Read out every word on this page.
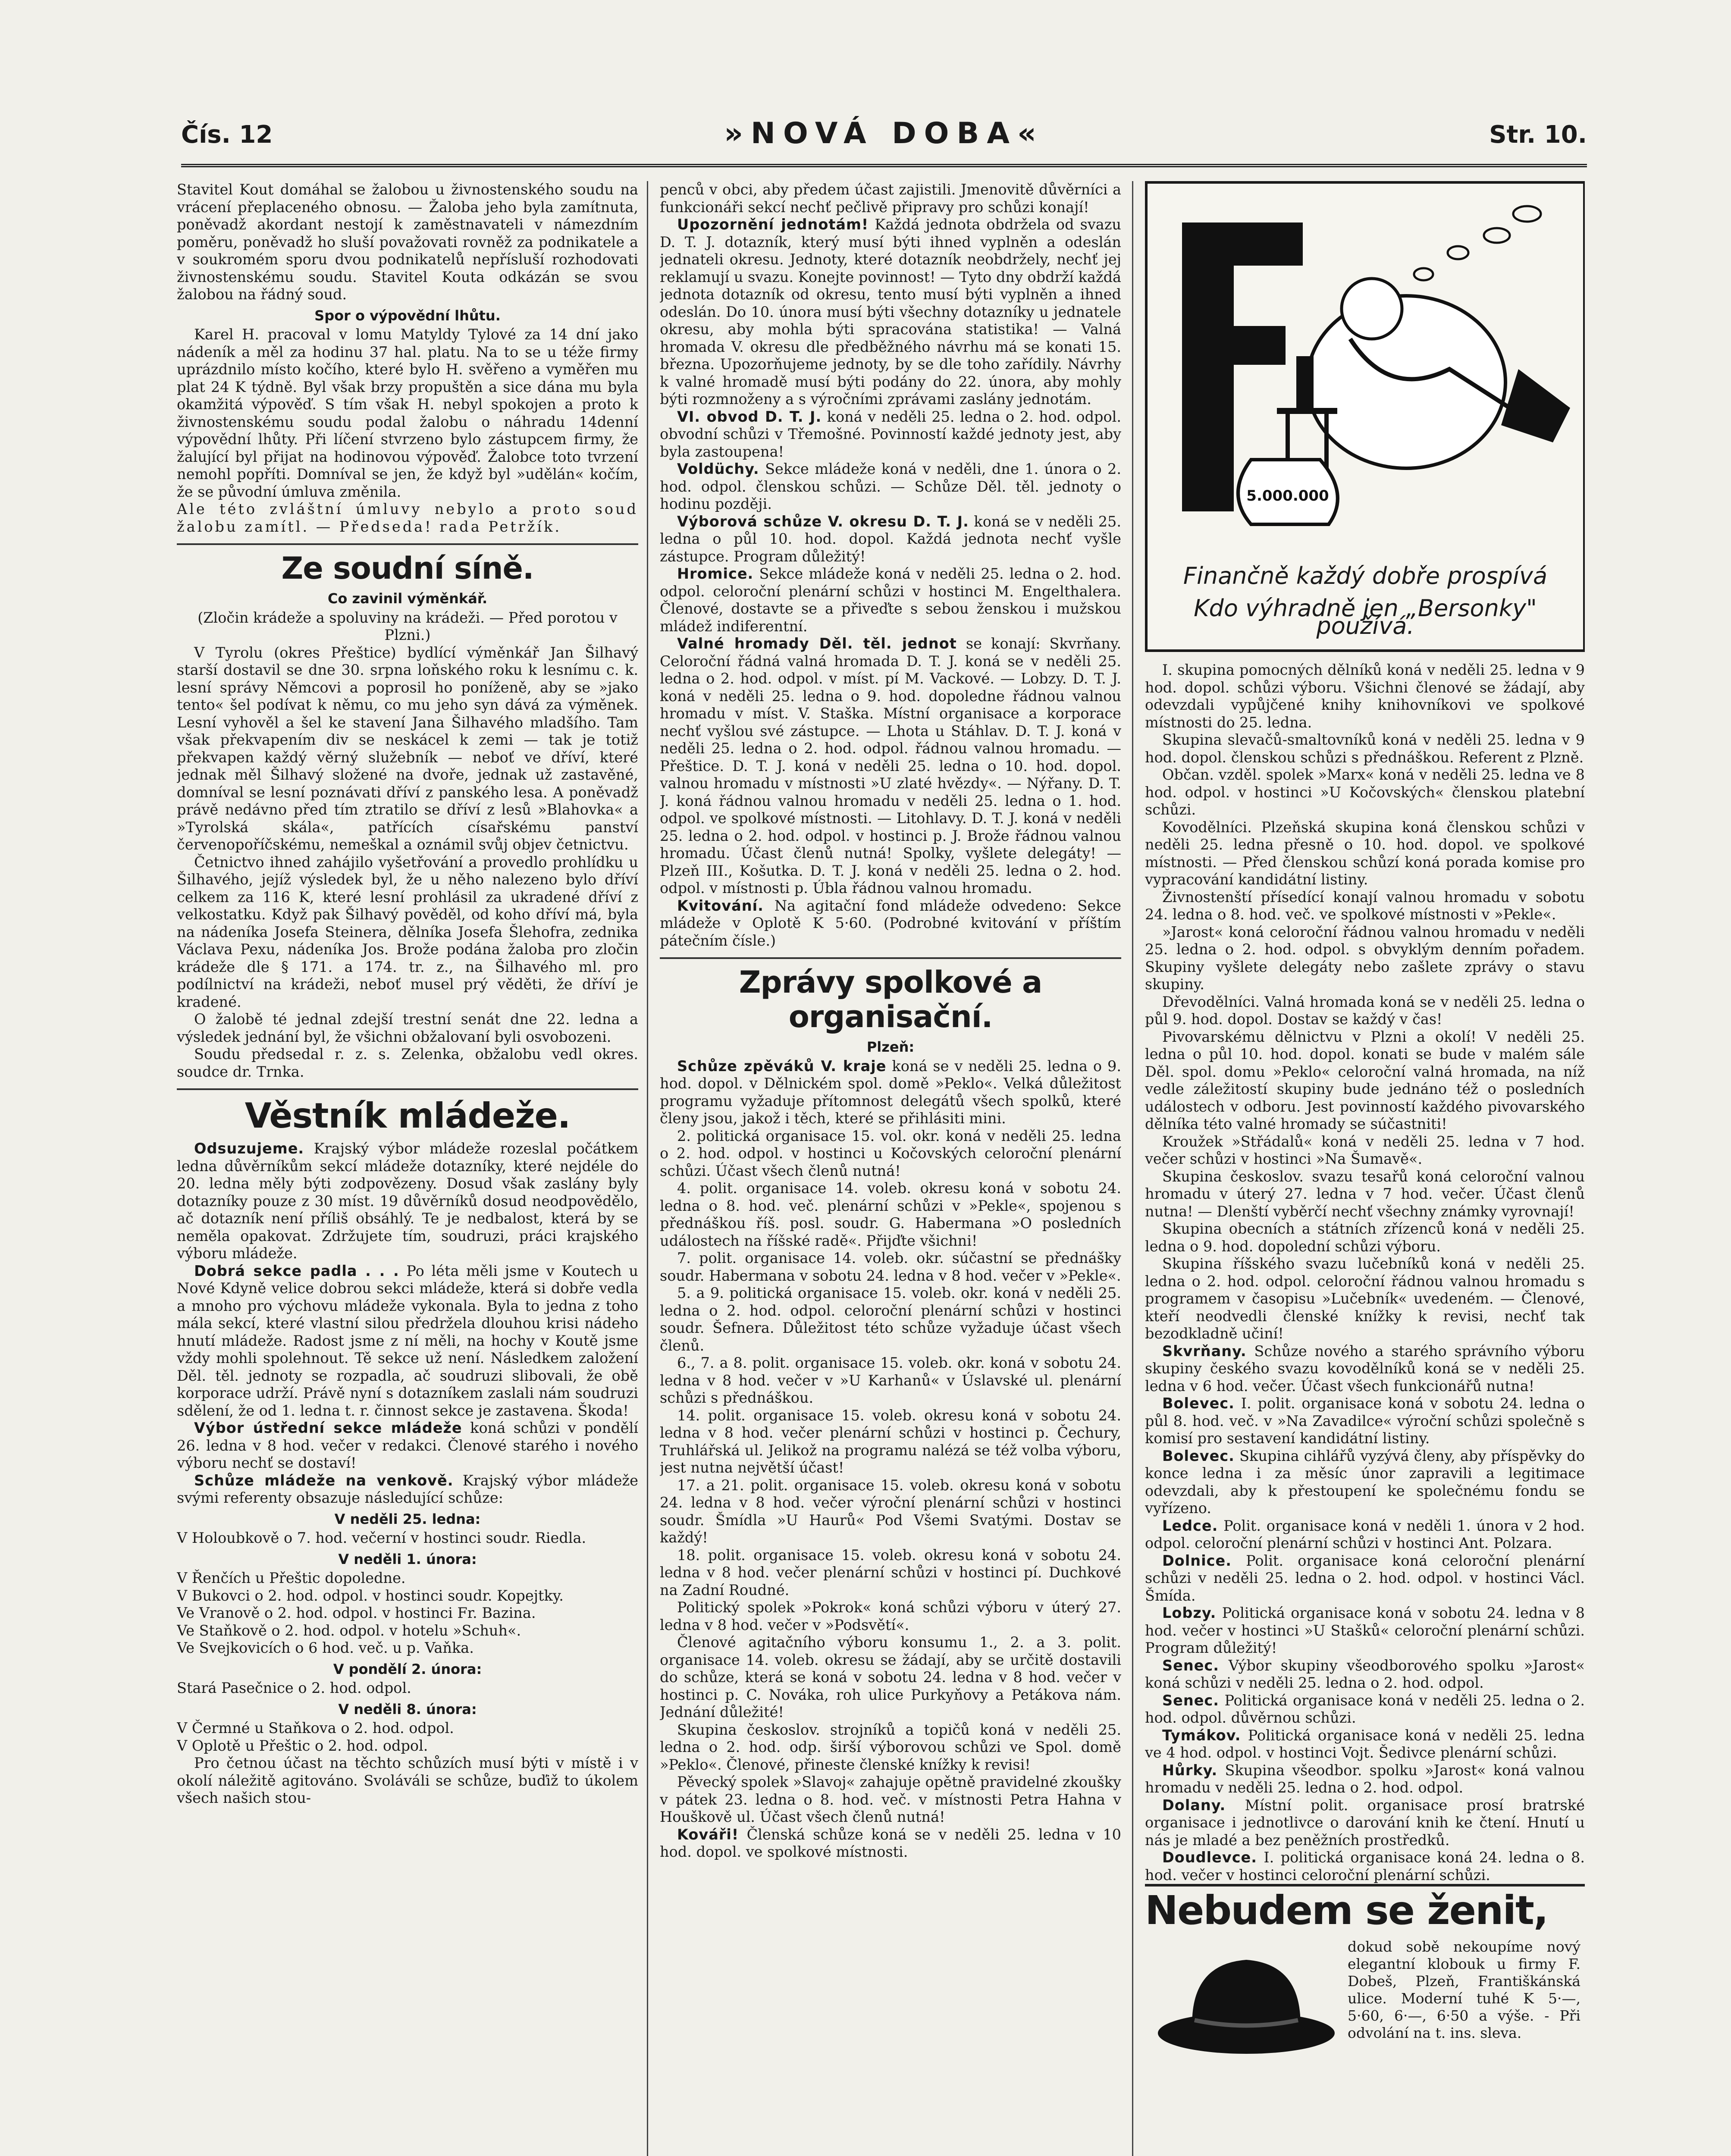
Čís. 12	»NOVÁ DOBA«	Str. 10.

Stavitel Kout domáhal se žalobou u živnostenského soudu na vrácení přeplaceného obnosu. — Žaloba jeho byla zamítnuta, poněvadž akordant nestojí k zaměstnavateli v námezdním poměru, poněvadž ho sluší považovati rovněž za podnikatele a v soukromém sporu dvou podnikatelů nepřísluší rozhodovati živnostenskému soudu. Stavitel Kouta odkázán se svou žalobou na řádný soud.

Spor o výpovědní lhůtu.

Karel H. pracoval v lomu Matyldy Tylové za 14 dní jako nádeník a měl za hodinu 37 hal. platu. Na to se u téže firmy uprázdnilo místo kočího, které bylo H. svěřeno a vyměřen mu plat 24 K týdně. Byl však brzy propuštěn a sice dána mu byla okamžitá výpověď. S tím však H. nebyl spokojen a proto k živnostenskému soudu podal žalobu o náhradu 14denní výpovědní lhůty. Při líčení stvrzeno bylo zástupcem firmy, že žalující byl přijat na hodinovou výpověď. Žalobce toto tvrzení nemohl popříti. Domníval se jen, že když byl »udělán« kočím, že se původní úmluva změnila.

Ale této zvláštní úmluvy nebylo a proto soud žalobu zamítl. — Předseda! rada Petržík.

Ze soudní síně.
Co zavinil výměnkář.

(Zločin krádeže a spoluviny na krádeži. — Před porotou v Plzni.)

V Tyrolu (okres Přeštice) bydlící výměnkář Jan Šilhavý starší dostavil se dne 30. srpna loňského roku k lesnímu c. k. lesní správy Němcovi a poprosil ho poníženě, aby se »jako tento« šel podívat k němu, co mu jeho syn dává za výměnek. Lesní vyhověl a šel ke stavení Jana Šilhavého mladšího. Tam však překvapením div se neskácel k zemi — tak je totiž překvapen každý věrný služebník — neboť ve dříví, které jednak měl Šilhavý složené na dvoře, jednak už zastavěné, domníval se lesní poznávati dříví z panského lesa. A poněvadž právě nedávno před tím ztratilo se dříví z lesů »Blahovka« a »Tyrolská skála«, patřících císařskému panství červenopoříčskému, nemeškal a oznámil svůj objev četnictvu.

Četnictvo ihned zahájilo vyšetřování a provedlo prohlídku u Šilhavého, jejíž výsledek byl, že u něho nalezeno bylo dříví celkem za 116 K, které lesní prohlásil za ukradené dříví z velkostatku. Když pak Šilhavý pověděl, od koho dříví má, byla na nádeníka Josefa Steinera, dělníka Josefa Šlehofra, zednika Václava Pexu, nádeníka Jos. Brože podána žaloba pro zločin krádeže dle § 171. a 174. tr. z., na Šilhavého ml. pro podílnictví na krádeži, neboť musel prý věděti, že dříví je kradené.

O žalobě té jednal zdejší trestní senát dne 22. ledna a výsledek jednání byl, že všichni obžalovaní byli osvobozeni.

Soudu předsedal r. z. s. Zelenka, obžalobu vedl okres. soudce dr. Trnka.

Věstník mládeže.

Odsuzujeme. Krajský výbor mládeže rozeslal počátkem ledna důvěrníkům sekcí mládeže dotazníky, které nejdéle do 20. ledna měly býti zodpovězeny. Dosud však zaslány byly dotazníky pouze z 30 míst. 19 důvěrníků dosud neodpovědělo, ač dotazník není příliš obsáhlý. Te je nedbalost, která by se neměla opakovat. Zdržujete tím, soudruzi, práci krajského výboru mládeže.

Dobrá sekce padla . . . Po léta měli jsme v Koutech u Nové Kdyně velice dobrou sekci mládeže, která si dobře vedla a mnoho pro výchovu mládeže vykonala. Byla to jedna z toho mála sekcí, které vlastní silou předržela dlouhou krisi nádeho hnutí mládeže. Radost jsme z ní měli, na hochy v Koutě jsme vždy mohli spolehnout. Tě sekce už není. Následkem založení Děl. těl. jednoty se rozpadla, ač soudruzi slibovali, že obě korporace udrží. Právě nyní s dotazníkem zaslali nám soudruzi sdělení, že od 1. ledna t. r. činnost sekce je zastavena. Škoda!

Výbor ústřední sekce mládeže koná schůzi v pondělí 26. ledna v 8 hod. večer v redakci. Členové starého i nového výboru nechť se dostaví!

Schůze mládeže na venkově. Krajský výbor mládeže svými referenty obsazuje následující schůze:

V neděli 25. ledna:

V Holoubkově o 7. hod. večerní v hostinci soudr. Riedla.

V neděli 1. února:

V Řenčích u Přeštic dopoledne.

V Bukovci o 2. hod. odpol. v hostinci soudr. Kopejtky.

Ve Vranově o 2. hod. odpol. v hostinci Fr. Bazina.

Ve Staňkově o 2. hod. odpol. v hotelu »Schuh«.

Ve Svejkovicích o 6 hod. več. u p. Vaňka.

V pondělí 2. února:

Stará Pasečnice o 2. hod. odpol.

V neděli 8. února:

V Čermné u Staňkova o 2. hod. odpol.

V Oplotě u Přeštic o 2. hod. odpol.

Pro četnou účast na těchto schůzích musí býti v místě i v okolí náležitě agitováno. Svoláváli se schůze, buďiž to úkolem všech našich stou-

penců v obci, aby předem účast zajistili. Jmenovitě důvěrníci a funkcionáři sekcí nechť pečlivě připravy pro schůzi konají!

Upozornění jednotám! Každá jednota obdržela od svazu D. T. J. dotazník, který musí býti ihned vyplněn a odeslán jednateli okresu. Jednoty, které dotazník neobdržely, nechť jej reklamují u svazu. Konejte povinnost! — Tyto dny obdrží každá jednota dotazník od okresu, tento musí býti vyplněn a ihned odeslán. Do 10. února musí býti všechny dotazníky u jednatele okresu, aby mohla býti spracována statistika! — Valná hromada V. okresu dle předběžného návrhu má se konati 15. března. Upozorňujeme jednoty, by se dle toho zařídily. Návrhy k valné hromadě musí býti podány do 22. února, aby mohly býti rozmnoženy a s výročními zprávami zaslány jednotám.

VI. obvod D. T. J. koná v neděli 25. ledna o 2. hod. odpol. obvodní schůzi v Třemošné. Povinností každé jednoty jest, aby byla zastoupena!

Voldüchy. Sekce mládeže koná v neděli, dne 1. února o 2. hod. odpol. členskou schůzi. — Schůze Děl. těl. jednoty o hodinu později.

Výborová schůze V. okresu D. T. J. koná se v neděli 25. ledna o půl 10. hod. dopol. Každá jednota nechť vyšle zástupce. Program důležitý!

Hromice. Sekce mládeže koná v neděli 25. ledna o 2. hod. odpol. celoroční plenární schůzi v hostinci M. Engelthalera. Členové, dostavte se a přiveďte s sebou ženskou i mužskou mládež indiferentní.

Valné hromady Děl. těl. jednot se konají: Skvrňany. Celoroční řádná valná hromada D. T. J. koná se v neděli 25. ledna o 2. hod. odpol. v míst. pí M. Vackové. — Lobzy. D. T. J. koná v neděli 25. ledna o 9. hod. dopoledne řádnou valnou hromadu v míst. V. Staška. Místní organisace a korporace nechť vyšlou své zástupce. — Lhota u Stáhlav. D. T. J. koná v neděli 25. ledna o 2. hod. odpol. řádnou valnou hromadu. — Přeštice. D. T. J. koná v neděli 25. ledna o 10. hod. dopol. valnou hromadu v místnosti »U zlaté hvězdy«. — Nýřany. D. T. J. koná řádnou valnou hromadu v neděli 25. ledna o 1. hod. odpol. ve spolkové místnosti. — Litohlavy. D. T. J. koná v neděli 25. ledna o 2. hod. odpol. v hostinci p. J. Brože řádnou valnou hromadu. Účast členů nutná! Spolky, vyšlete delegáty! — Plzeň III., Košutka. D. T. J. koná v neděli 25. ledna o 2. hod. odpol. v místnosti p. Úbla řádnou valnou hromadu.

Kvitování. Na agitační fond mládeže odvedeno: Sekce mládeže v Oplotě K 5·60. (Podrobné kvitování v příštím pátečním čísle.)

Zprávy spolkové a organisační.
Plzeň:

Schůze zpěváků V. kraje koná se v neděli 25. ledna o 9. hod. dopol. v Dělnickém spol. domě »Peklo«. Velká důležitost programu vyžaduje přítomnost delegátů všech spolků, které členy jsou, jakož i těch, které se přihlásiti mini.

2. politická organisace 15. vol. okr. koná v neděli 25. ledna o 2. hod. odpol. v hostinci u Kočovských celoroční plenární schůzi. Účast všech členů nutná!

4. polit. organisace 14. voleb. okresu koná v sobotu 24. ledna o 8. hod. več. plenární schůzi v »Pekle«, spojenou s přednáškou říš. posl. soudr. G. Habermana »O posledních událostech na říšské radě«. Přijďte všichni!

7. polit. organisace 14. voleb. okr. súčastní se přednášky soudr. Habermana v sobotu 24. ledna v 8 hod. večer v »Pekle«.

5. a 9. politická organisace 15. voleb. okr. koná v neděli 25. ledna o 2. hod. odpol. celoroční plenární schůzi v hostinci soudr. Šefnera. Důležitost této schůze vyžaduje účast všech členů.

6., 7. a 8. polit. organisace 15. voleb. okr. koná v sobotu 24. ledna v 8 hod. večer v »U Karhanů« v Úslavské ul. plenární schůzi s přednáškou.

14. polit. organisace 15. voleb. okresu koná v sobotu 24. ledna v 8 hod. večer plenární schůzi v hostinci p. Čechury, Truhlářská ul. Jelikož na programu nalézá se též volba výboru, jest nutna největší účast!

17. a 21. polit. organisace 15. voleb. okresu koná v sobotu 24. ledna v 8 hod. večer výroční plenární schůzi v hostinci soudr. Šmídla »U Haurů« Pod Všemi Svatými. Dostav se každý!

18. polit. organisace 15. voleb. okresu koná v sobotu 24. ledna v 8 hod. večer plenární schůzi v hostinci pí. Duchkové na Zadní Roudné.

Politický spolek »Pokrok« koná schůzi výboru v úterý 27. ledna v 8 hod. večer v »Podsvětí«.

Členové agitačního výboru konsumu 1., 2. a 3. polit. organisace 14. voleb. okresu se žádají, aby se určitě dostavili do schůze, která se koná v sobotu 24. ledna v 8 hod. večer v hostinci p. C. Nováka, roh ulice Purkyňovy a Petákova nám. Jednání důležité!

Skupina českoslov. strojníků a topičů koná v neděli 25. ledna o 2. hod. odp. širší výborovou schůzi ve Spol. domě »Peklo«. Členové, přineste členské knížky k revisi!

Pěvecký spolek »Slavoj« zahajuje opětně pravidelné zkoušky v pátek 23. ledna o 8. hod. več. v místnosti Petra Hahna v Houškově ul. Účast všech členů nutná!

Kováři! Členská schůze koná se v neděli 25. ledna v 10 hod. dopol. ve spolkové místnosti.

5.000.000
Finančně každý dobře prospívá
Kdo výhradně jen „Bersonky" používá.

I. skupina pomocných dělníků koná v neděli 25. ledna v 9 hod. dopol. schůzi výboru. Všichni členové se žádají, aby odevzdali vypůjčené knihy knihovníkovi ve spolkové místnosti do 25. ledna.

Skupina slevačů-smaltovníků koná v neděli 25. ledna v 9 hod. dopol. členskou schůzi s přednáškou. Referent z Plzně.

Občan. vzděl. spolek »Marx« koná v neděli 25. ledna ve 8 hod. odpol. v hostinci »U Kočovských« členskou platební schůzi.

Kovodělníci. Plzeňská skupina koná členskou schůzi v neděli 25. ledna přesně o 10. hod. dopol. ve spolkové místnosti. — Před členskou schůzí koná porada komise pro vypracování kandidátní listiny.

Živnostenští přísedící konají valnou hromadu v sobotu 24. ledna o 8. hod. več. ve spolkové místnosti v »Pekle«.

»Jarost« koná celoroční řádnou valnou hromadu v neděli 25. ledna o 2. hod. odpol. s obvyklým denním pořadem. Skupiny vyšlete delegáty nebo zašlete zprávy o stavu skupiny.

Dřevodělníci. Valná hromada koná se v neděli 25. ledna o půl 9. hod. dopol. Dostav se každý v čas!

Pivovarskému dělnictvu v Plzni a okolí! V neděli 25. ledna o půl 10. hod. dopol. konati se bude v malém sále Děl. spol. domu »Peklo« celoroční valná hromada, na níž vedle záležitostí skupiny bude jednáno též o posledních událostech v odboru. Jest povinností každého pivovarského dělníka této valné hromady se súčastniti!

Kroužek »Střádalů« koná v neděli 25. ledna v 7 hod. večer schůzi v hostinci »Na Šumavě«.

Skupina českoslov. svazu tesařů koná celoroční valnou hromadu v úterý 27. ledna v 7 hod. večer. Účast členů nutna! — Dlenští vyběrčí nechť všechny známky vyrovnají!

Skupina obecních a státních zřízenců koná v neděli 25. ledna o 9. hod. dopolední schůzi výboru.

Skupina říšského svazu lučebníků koná v neděli 25. ledna o 2. hod. odpol. celoroční řádnou valnou hromadu s programem v časopisu »Lučebník« uvedeném. — Členové, kteří neodvedli členské knížky k revisi, nechť tak bezodkladně učiní!

Skvrňany. Schůze nového a starého správního výboru skupiny českého svazu kovodělníků koná se v neděli 25. ledna v 6 hod. večer. Účast všech funkcionářů nutna!

Bolevec. I. polit. organisace koná v sobotu 24. ledna o půl 8. hod. več. v »Na Zavadilce« výroční schůzi společně s komisí pro sestavení kandidátní listiny.

Bolevec. Skupina cihlářů vyzývá členy, aby příspěvky do konce ledna i za měsíc únor zapravili a legitimace odevzdali, aby k přestoupení ke společnému fondu se vyřízeno.

Ledce. Polit. organisace koná v neděli 1. února v 2 hod. odpol. celoroční plenární schůzi v hostinci Ant. Polzara.

Dolnice. Polit. organisace koná celoroční plenární schůzi v neděli 25. ledna o 2. hod. odpol. v hostinci Václ. Šmída.

Lobzy. Politická organisace koná v sobotu 24. ledna v 8 hod. večer v hostinci »U Stašků« celoroční plenární schůzi. Program důležitý!

Senec. Výbor skupiny všeodborového spolku »Jarost« koná schůzi v neděli 25. ledna o 2. hod. odpol.

Senec. Politická organisace koná v neděli 25. ledna o 2. hod. odpol. důvěrnou schůzi.

Tymákov. Politická organisace koná v neděli 25. ledna ve 4 hod. odpol. v hostinci Vojt. Šedivce plenární schůzi.

Hůrky. Skupina všeodbor. spolku »Jarost« koná valnou hromadu v neděli 25. ledna o 2. hod. odpol.

Dolany. Místní polit. organisace prosí bratrské organisace i jednotlivce o darování knih ke čtení. Hnutí u nás je mladé a bez peněžních prostředků.

Doudlevce. I. politická organisace koná 24. ledna o 8. hod. večer v hostinci celoroční plenární schůzi.

Nebudem se ženit,
dokud sobě nekoupíme nový elegantní klobouk u firmy F. Dobeš, Plzeň, Františkánská ulice. Moderní tuhé K 5·—, 5·60, 6·—, 6·50 a výše. - Při odvolání na t. ins. sleva.
